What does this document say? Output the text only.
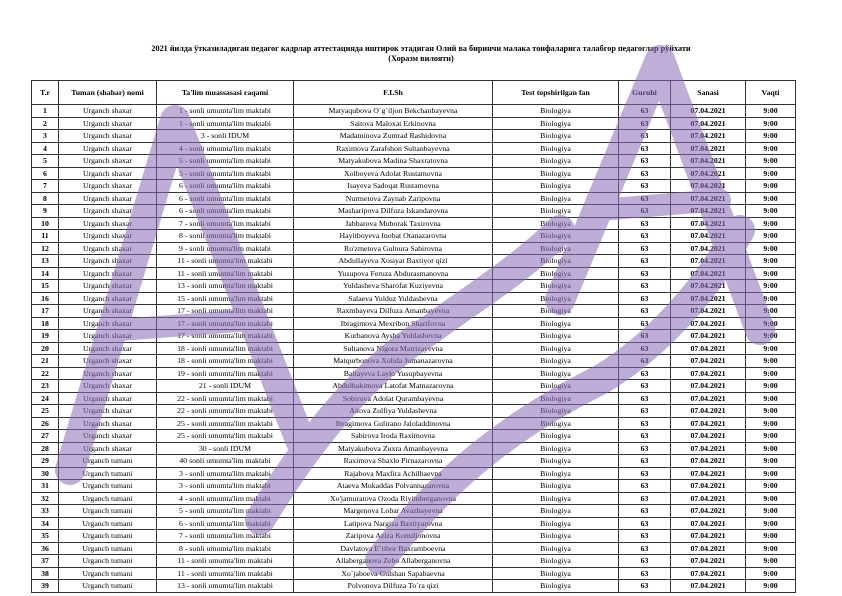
2021 йилда ўтказиладиган педагог кадрлар аттестацияда иштирок этадиган Олий ва биринчи малака тоифаларига талабгор педагоглар рўйхати
(Хоразм вилояти)
T.r	Tuman (shahar) nomi	Ta'lim muassasasi raqami	F.I.Sh	Test topshirilgan fan	Guruhi	Sanasi	Vaqti
1	Urganch shaxar	1 - sonli umumta'lim maktabi	Matyaqubova O`g`iljon Bekchanbayevna	Biologiya	63	07.04.2021	9:00
2	Urganch shaxar	1 - sonli umumta'lim maktabi	Saitova Maloxat Erkinovna	Biologiya	63	07.04.2021	9:00
3	Urganch shaxar	3 - sonli IDUM	Madaminova Zumrad Rashidovna	Biologiya	63	07.04.2021	9:00
4	Urganch shaxar	4 - sonli umumta'lim maktabi	Raximova Zarafshon Sultanbayevna	Biologiya	63	07.04.2021	9:00
5	Urganch shaxar	5 - sonli umumta'lim maktabi	Matyakubova Madina Shaxratovna	Biologiya	63	07.04.2021	9:00
6	Urganch shaxar	5 - sonli umumta'lim maktabi	Xolboyeva Adolat Rustamovna	Biologiya	63	07.04.2021	9:00
7	Urganch shaxar	6 - sonli umumta'lim maktabi	Isayeva Sadoqat Rustamovna	Biologiya	63	07.04.2021	9:00
8	Urganch shaxar	6 - sonli umumta'lim maktabi	Nurmetova Zaynab Zaripovna	Biologiya	63	07.04.2021	9:00
9	Urganch shaxar	6 - sonli umumta'lim maktabi	Masharipova Dilfuza Iskandarovna	Biologiya	63	07.04.2021	9:00
10	Urganch shaxar	7 - sonli umumta'lim maktabi	Jabbarova Muborak Taxirovna	Biologiya	63	07.04.2021	9:00
11	Urganch shaxar	8 - sonli umumta'lim maktabi	Hayitboyeva Inobat Otanazarovna	Biologiya	63	07.04.2021	9:00
12	Urganch shaxar	9 - sonli umumta'lim maktabi	Ro'zmetova Gulnura Sabirovna	Biologiya	63	07.04.2021	9:00
13	Urganch shaxar	11 - sonli umumta'lim maktabi	Abdullayeva Xosiyat Baxtiyor qizi	Biologiya	63	07.04.2021	9:00
14	Urganch shaxar	11 - sonli umumta'lim maktabi	Yusupova Feruza Abdurasmanovna	Biologiya	63	07.04.2021	9:00
15	Urganch shaxar	13 - sonli umumta'lim maktabi	Yuldasheva Sharofat Kuziyevna	Biologiya	63	07.04.2021	9:00
16	Urganch shaxar	15 - sonli umumta'lim maktabi	Salaeva Yulduz Yuldashevna	Biologiya	63	07.04.2021	9:00
17	Urganch shaxar	17 - sonli umumta'lim maktabi	Raxmbayeva Dilfuza Amanbayevna	Biologiya	63	07.04.2021	9:00
18	Urganch shaxar	17 - sonli umumta'lim maktabi	Ibragimova Mexribon Sharifovna	Biologiya	63	07.04.2021	9:00
19	Urganch shaxar	17 - sonli umumta'lim maktabi	Kurbanova Aysha Yuldashevna	Biologiya	63	07.04.2021	9:00
20	Urganch shaxar	18 - sonli umumta'lim maktabi	Sultanova Nigora Matrizayevna	Biologiya	63	07.04.2021	9:00
21	Urganch shaxar	18 - sonli umumta'lim maktabi	Matqurbonova Xolida Jumanazarovna	Biologiya	63	07.04.2021	9:00
22	Urganch shaxar	19 - sonli umumta'lim maktabi	Baltayeva Laylo Yusupbayevna	Biologiya	63	07.04.2021	9:00
23	Urganch shaxar	21 - sonli IDUM	Abdulhakimova Latofat Matnazarovna	Biologiya	63	07.04.2021	9:00
24	Urganch shaxar	22 - sonli umumta'lim maktabi	Sobirova Adolat Qurambayevna	Biologiya	63	07.04.2021	9:00
25	Urganch shaxar	22 - sonli umumta'lim maktabi	Aitova Zulfiya Yuldashevna	Biologiya	63	07.04.2021	9:00
26	Urganch shaxar	25 - sonli umumta'lim maktabi	Ibragimova Gulirano Jaloladdinovna	Biologiya	63	07.04.2021	9:00
27	Urganch shaxar	25 - sonli umumta'lim maktabi	Sabirova Iroda Raximovna	Biologiya	63	07.04.2021	9:00
28	Urganch shaxar	30 - sonli IDUM	Matyakubova Zuxra Amanbayevna	Biologiya	63	07.04.2021	9:00
29	Urganch tumani	40 sonli umumta'lim maktabi	Raximova Shaxlo Pirnazarovna	Biologiya	63	07.04.2021	9:00
30	Urganch tumani	3 - sonli umumta'lim maktabi	Rajabova Maxfira Achilbaevna	Biologiya	63	07.04.2021	9:00
31	Urganch tumani	3 - sonli umumta'lim maktabi	Ataeva Mukaddas Polvannazarovna	Biologiya	63	07.04.2021	9:00
32	Urganch tumani	4 - sonli umumta'lim maktabi	Xo'jamuratova Ozoda Riyimberganovna	Biologiya	63	07.04.2021	9:00
33	Urganch tumani	5 - sonli umumta'lim maktabi	Margenova Lobar Avazbayevna	Biologiya	63	07.04.2021	9:00
34	Urganch tumani	6 - sonli umumta'lim maktabi	Latipova Nargiza Baxtiyarovna	Biologiya	63	07.04.2021	9:00
35	Urganch tumani	7 - sonli umumta'lim maktabi	Zaripova Aziza Komiljonovna	Biologiya	63	07.04.2021	9:00
36	Urganch tumani	8 - sonli umumta'lim maktabi	Davlatova E`tibor Baxrambоevna	Biologiya	63	07.04.2021	9:00
37	Urganch tumani	11 - sonli umumta'lim maktabi	Allaberganova Zebo Allaberganovna	Biologiya	63	07.04.2021	9:00
38	Urganch tumani	11 - sonli umumta'lim maktabi	Xo`jaboeva Gulshan Sapabaevna	Biologiya	63	07.04.2021	9:00
39	Urganch tumani	13 - sonli umumta'lim maktabi	Polvonova Dilfuza To`ra qizi	Biologiya	63	07.04.2021	9:00
